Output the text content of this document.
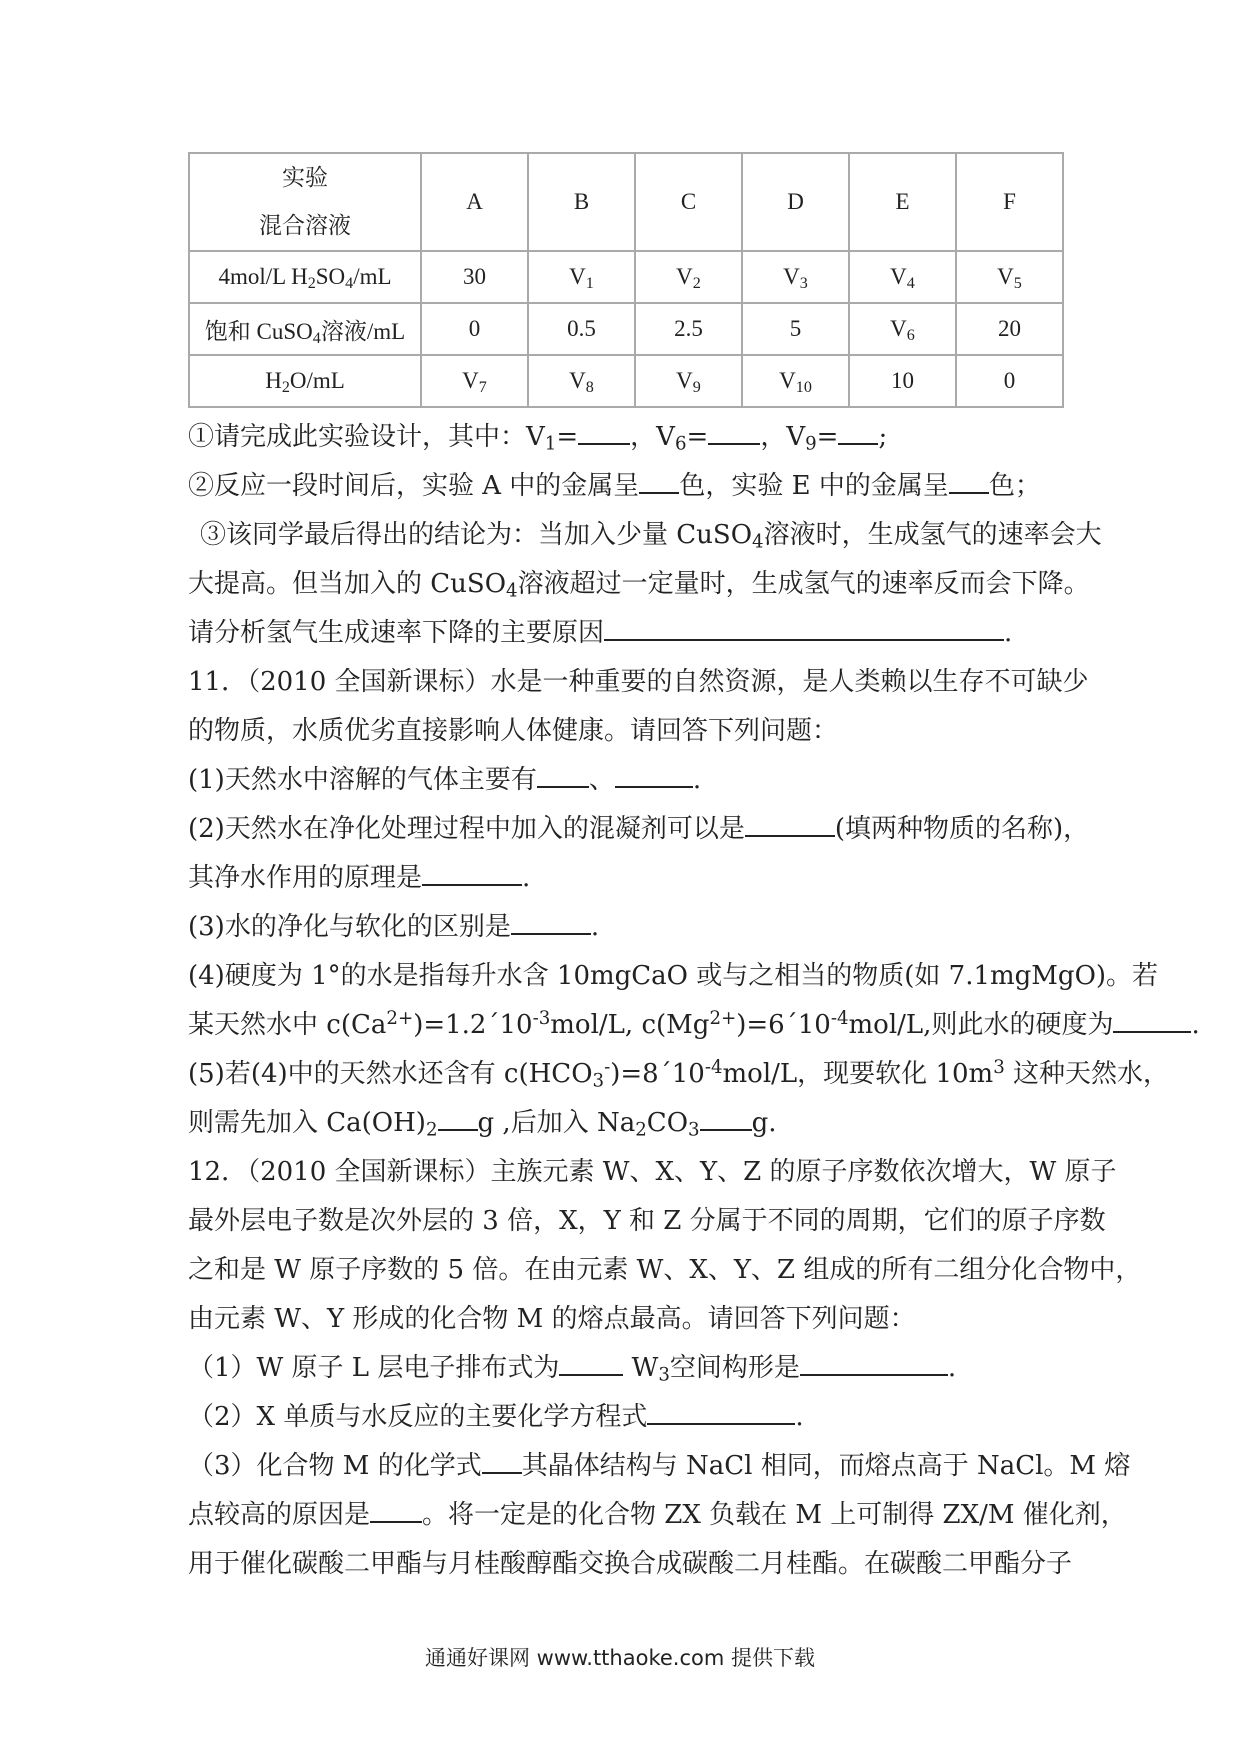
实验
混合溶液	A	B	C	D	E	F
4mol/L $H_2SO_4/mL$	30	$V_1$	$V_2$	$V_3$	$V_4$	$V_5$
饱和 CuSO$_4$溶液/mL	0	0.5	2.5	5	$V_6$	20
$H_2O/mL$	$V_7$	$V_8$	$V_9$	$V_{10}$	10	0
①请完成此实验设计，其中：$V_1=$ ，$V_6=$ ，$V_9=$ ;
②反应一段时间后，实验 A 中的金属呈 色，实验 E 中的金属呈 色；
③该同学最后得出的结论为：当加入少量 CuSO$_4$溶液时，生成氢气的速率会大
大提高。但当加入的 CuSO$_4$溶液超过一定量时，生成氢气的速率反而会下降。
请分析氢气生成速率下降的主要原因	.
11．（2010 全国新课标）水是一种重要的自然资源，是人类赖以生存不可缺少
的物质，水质优劣直接影响人体健康。请回答下列问题：
(1)天然水中溶解的气体主要有 、	.
(2)天然水在净化处理过程中加入的混凝剂可以是	(填两种物质的名称)，
其净水作用的原理是	.
(3)水的净化与软化的区别是	.
(4)硬度为 1°的水是指每升水含 10mgCaO 或与之相当的物质(如 7.1mgMgO)。若
某天然水中 $c(Ca^{2+})=1.2´10^{-3}mol/L$, $c(Mg^{2+})=6´10^{-4}mol/L$,则此水的硬度为	.
(5)若(4)中的天然水还含有 $c(HCO_3^-)=8´10^{-4}mol/L$，现要软化 $10m^3$ 这种天然水，
则需先加入 $Ca(OH)_2$ g ,后加入 $Na_2CO_3$ g.
12．（2010 全国新课标）主族元素 W、X、Y、Z 的原子序数依次增大，W 原子
最外层电子数是次外层的 3 倍，X，Y 和 Z 分属于不同的周期，它们的原子序数
之和是 W 原子序数的 5 倍。在由元素 W、X、Y、Z 组成的所有二组分化合物中，
由元素 W、Y 形成的化合物 M 的熔点最高。请回答下列问题：
（1）W 原子 L 层电子排布式为 $W_3$空间构形是	.
（2）X 单质与水反应的主要化学方程式	.
（3）化合物 M 的化学式 其晶体结构与 NaCl 相同，而熔点高于 NaCl。M 熔
点较高的原因是 。将一定是的化合物 ZX 负载在 M 上可制得 ZX/M 催化剂，
用于催化碳酸二甲酯与月桂酸醇酯交换合成碳酸二月桂酯。在碳酸二甲酯分子
通通好课网 www.tthaoke.com 提供下载
